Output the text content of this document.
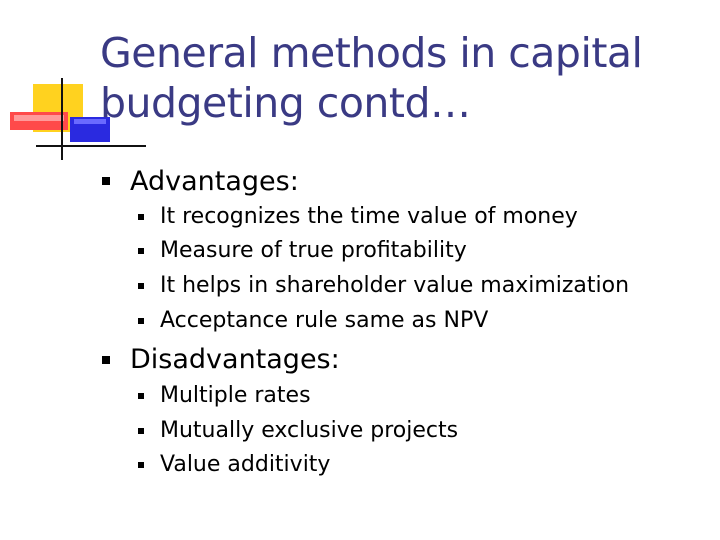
General methods in capital
budgeting contd…
Advantages:
It recognizes the time value of money
Measure of true profitability
It helps in shareholder value maximization
Acceptance rule same as NPV
Disadvantages:
Multiple rates
Mutually exclusive projects
Value additivity
